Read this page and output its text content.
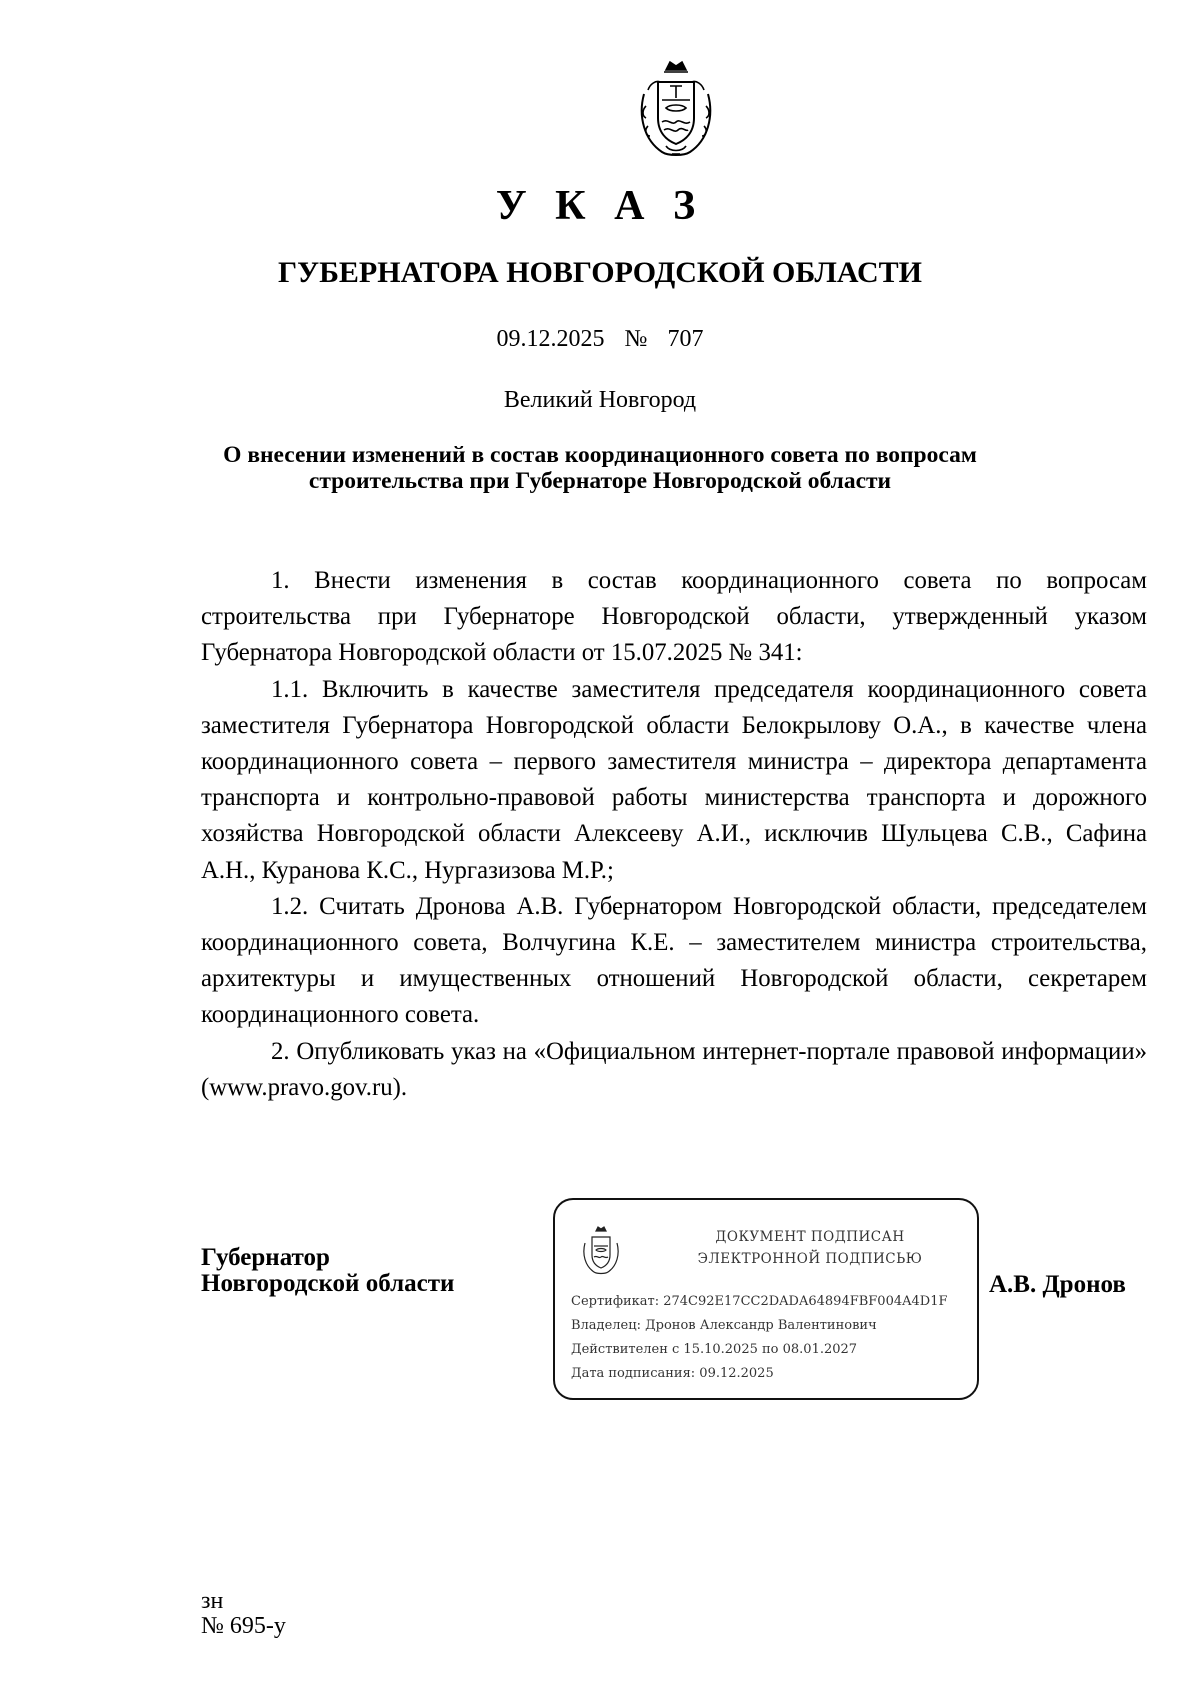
У К А З
ГУБЕРНАТОРА НОВГОРОДСКОЙ ОБЛАСТИ
09.12.2025  №  707
Великий Новгород
О внесении изменений в состав координационного совета по вопросам
строительства при Губернаторе Новгородской области

1. Внести изменения в состав координационного совета по вопросам строительства при Губернаторе Новгородской области, утвержденный указом Губернатора Новгородской области от 15.07.2025 № 341:

1.1. Включить в качестве заместителя председателя координационного совета заместителя Губернатора Новгородской области Белокрылову О.А., в качестве члена координационного совета – первого заместителя министра – директора департамента транспорта и контрольно-правовой работы министерства транспорта и дорожного хозяйства Новгородской области Алексееву А.И., исключив Шульцева С.В., Сафина А.Н., Куранова К.С., Нургазизова М.Р.;

1.2. Считать Дронова А.В. Губернатором Новгородской области, председателем координационного совета, Волчугина К.Е. – заместителем министра строительства, архитектуры и имущественных отношений Новгородской области, секретарем координационного совета.

2. Опубликовать указ на «Официальном интернет-портале правовой информации» (www.pravo.gov.ru).

Губернатор
Новгородской области
ДОКУМЕНТ ПОДПИСАН
ЭЛЕКТРОННОЙ ПОДПИСЬЮ
Сертификат: 274C92E17CC2DADA64894FBF004A4D1F
Владелец: Дронов Александр Валентинович
Действителен с 15.10.2025 по 08.01.2027
Дата подписания: 09.12.2025
А.В. Дронов
зн
№ 695-у
